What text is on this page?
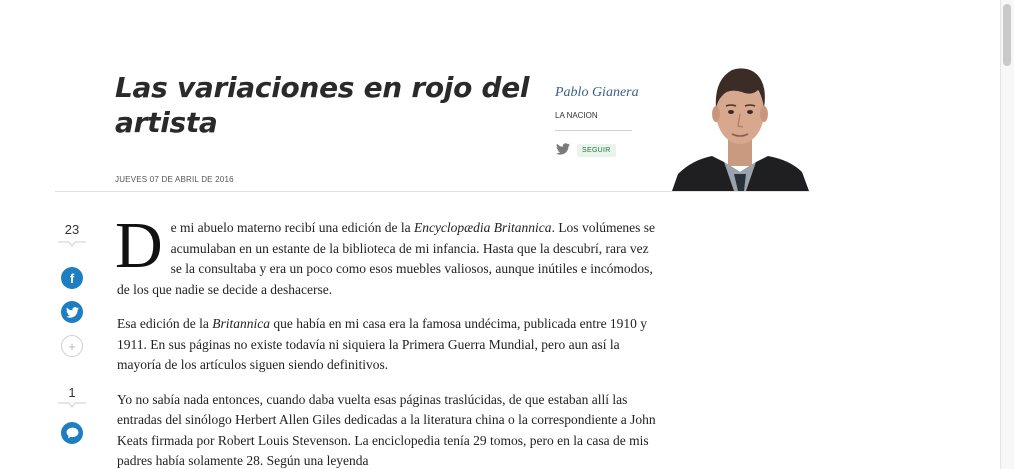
Las variaciones en rojo del artista
JUEVES 07 DE ABRIL DE 2016
Pablo Gianera
LA NACION
SEGUIR
23
f
+
1

De mi abuelo materno recibí una edición de la Encyclopædia Britannica. Los volúmenes se acumulaban en un estante de la biblioteca de mi infancia. Hasta que la descubrí, rara vez se la consultaba y era un poco como esos muebles valiosos, aunque inútiles e incómodos, de los que nadie se decide a deshacerse.

Esa edición de la Britannica que había en mi casa era la famosa undécima, publicada entre 1910 y 1911. En sus páginas no existe todavía ni siquiera la Primera Guerra Mundial, pero aun así la mayoría de los artículos siguen siendo definitivos.

Yo no sabía nada entonces, cuando daba vuelta esas páginas traslúcidas, de que estaban allí las entradas del sinólogo Herbert Allen Giles dedicadas a la literatura china o la correspondiente a John Keats firmada por Robert Louis Stevenson. La enciclopedia tenía 29 tomos, pero en la casa de mis padres había solamente 28. Según una leyenda
